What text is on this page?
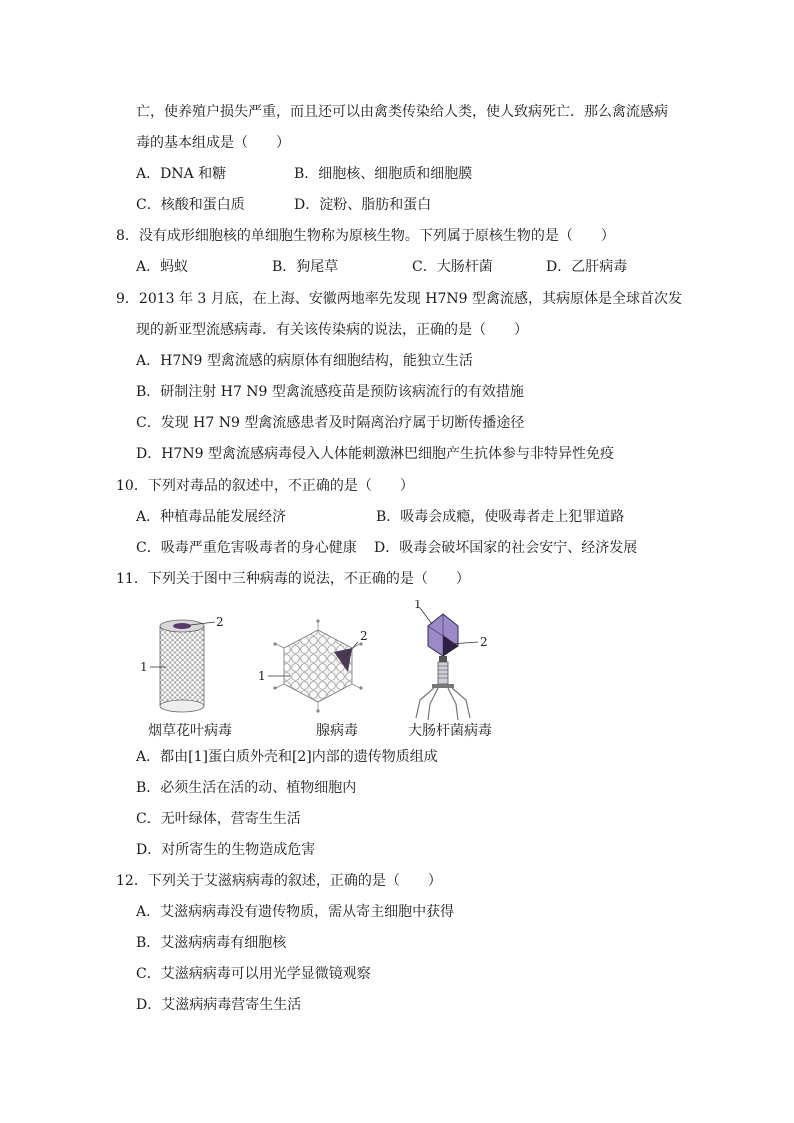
亡，使养殖户损失严重，而且还可以由禽类传染给人类，使人致病死亡．那么禽流感病
毒的基本组成是（　　）
A．DNA 和糖	B．细胞核、细胞质和细胞膜
C．核酸和蛋白质	D．淀粉、脂肪和蛋白
8．没有成形细胞核的单细胞生物称为原核生物。下列属于原核生物的是（　　）
A．蚂蚁	B．狗尾草	C．大肠杆菌	D．乙肝病毒
9．2013 年 3 月底，在上海、安徽两地率先发现 H7N9 型禽流感，其病原体是全球首次发
现的新亚型流感病毒．有关该传染病的说法，正确的是（　　）
A．H7N9 型禽流感的病原体有细胞结构，能独立生活
B．研制注射 H7 N9 型禽流感疫苗是预防该病流行的有效措施
C．发现 H7 N9 型禽流感患者及时隔离治疗属于切断传播途径
D．H7N9 型禽流感病毒侵入人体能刺激淋巴细胞产生抗体参与非特异性免疫
10．下列对毒品的叙述中，不正确的是（　　）
A．种植毒品能发展经济	B．吸毒会成瘾，使吸毒者走上犯罪道路
C．吸毒严重危害吸毒者的身心健康 D．吸毒会破坏国家的社会安宁、经济发展
11．下列关于图中三种病毒的说法，不正确的是（　　）
2
1
2
1
1
2
烟草花叶病毒	腺病毒	大肠杆菌病毒
A．都由[1]蛋白质外壳和[2]内部的遗传物质组成
B．必须生活在活的动、植物细胞内
C．无叶绿体，营寄生生活
D．对所寄生的生物造成危害
12．下列关于艾滋病病毒的叙述，正确的是（　　）
A．艾滋病病毒没有遗传物质，需从寄主细胞中获得
B．艾滋病病毒有细胞核
C．艾滋病病毒可以用光学显微镜观察
D．艾滋病病毒营寄生生活
